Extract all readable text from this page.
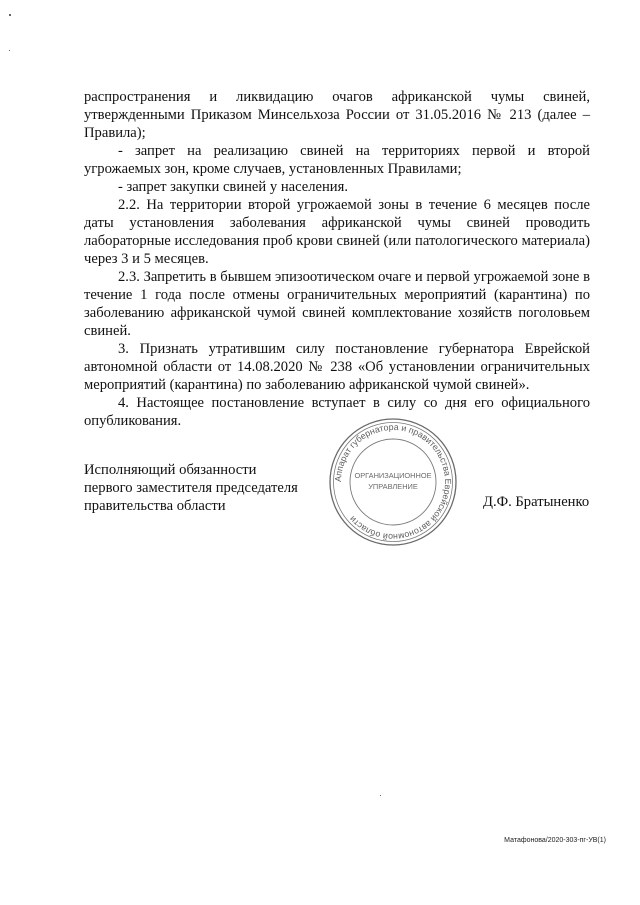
распространения и ликвидацию очагов африканской чумы свиней, утвержденными Приказом Минсельхоза России от 31.05.2016 № 213 (далее – Правила);

- запрет на реализацию свиней на территориях первой и второй угрожаемых зон, кроме случаев, установленных Правилами;

- запрет закупки свиней у населения.

2.2. На территории второй угрожаемой зоны в течение 6 месяцев после даты установления заболевания африканской чумы свиней проводить лабораторные исследования проб крови свиней (или патологического материала) через 3 и 5 месяцев.

2.3. Запретить в бывшем эпизоотическом очаге и первой угрожаемой зоне в течение 1 года после отмены ограничительных мероприятий (карантина) по заболеванию африканской чумой свиней комплектование хозяйств поголовьем свиней.

3. Признать утратившим силу постановление губернатора Еврейской автономной области от 14.08.2020 № 238 «Об установлении ограничительных мероприятий (карантина) по заболеванию африканской чумой свиней».

4. Настоящее постановление вступает в силу со дня его официального опубликования.

Исполняющий обязанности
первого заместителя председателя
правительства области
Аппарат губернатора и правительства Еврейской автономной области
ОРГАНИЗАЦИОННОЕ
УПРАВЛЕНИЕ
Д.Ф. Братыненко
Матафонова/2020-303-пг-УВ(1)
